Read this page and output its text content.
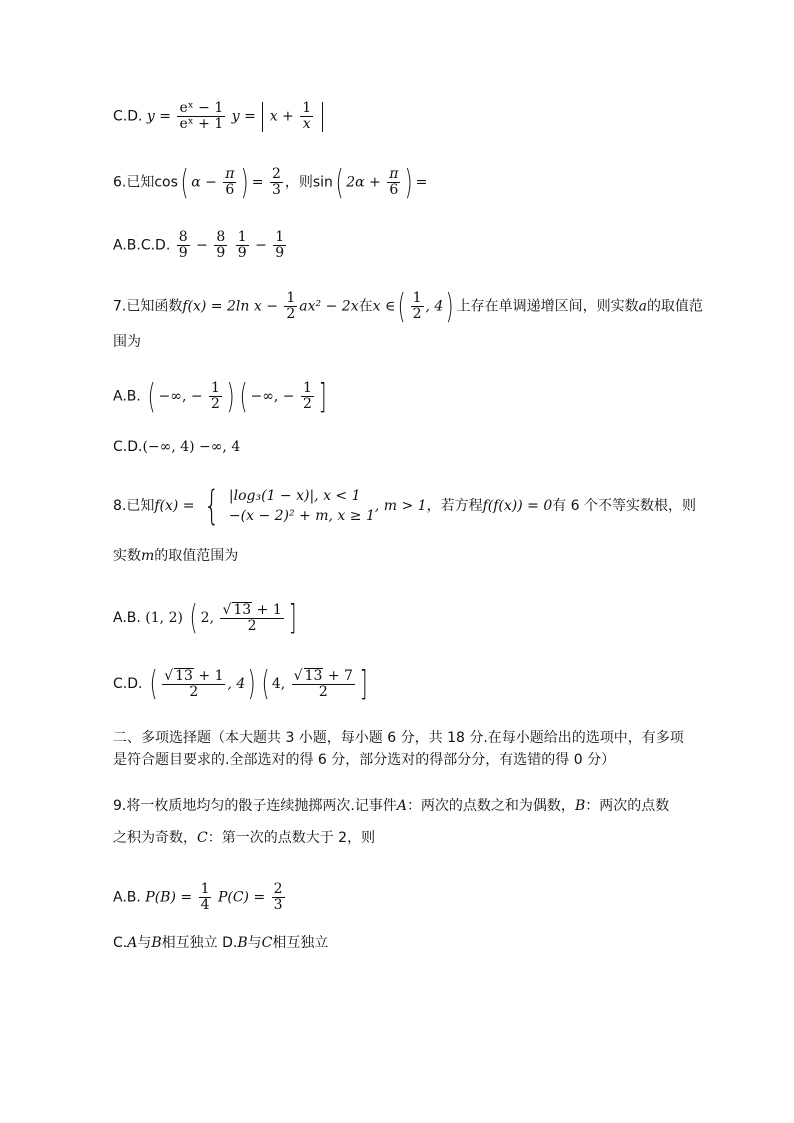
C.D. $y = \frac{\text{eˣ − 1}}{\text{eˣ + 1}}$ $y = x + \frac{1}{x}$

6.已知cos( $\alpha - \frac{\pi}{6}$ ) = $\frac{2}{3}$ ，则sin( $2\alpha + \frac{\pi}{6}$ ) =
A.B.C.D. $\frac{8}{9} - \frac{8}{9}$
$\frac{1}{9} - \frac{1}{9}$
7.已知函数f(x) = 2ln $x - \frac{1}{2} ax^2 - 2x$在x ∈( $\frac{1}{2}$ , 4) 上存在单调递增区间，则实数a的取值范
围为
A.B. ( −∞, − $\frac{1}{2}$ ) ( −∞, − $\frac{1}{2}$ ]
C.D.(−∞, 4) −∞, 4
8.已知f(x) = { |log₃(1 − x)|, x < 1
−(x − 2)² + m, x ≥ 1
, m > 1，若方程f(f(x)) = 0有 6 个不等实数根，则
实数m的取值范围为
A.B. (1, 2) ( 2, $\frac{√ 13 + 1}{2}$ ]
C.D. ( $\frac{√ 13 + 1}{2}$ , 4) ( 4, $\frac{√ 13 + 7}{2}$ ]
二、多项选择题（本大题共 3 小题，每小题 6 分，共 18 分.在每小题给出的选项中，有多项是符合题目要求的.全部选对的得 6 分，部分选对的得部分分，有选错的得 0 分）
9.将一枚质地均匀的骰子连续抛掷两次.记事件A：两次的点数之和为偶数，B：两次的点数
之积为奇数，C：第一次的点数大于 2，则
A.B. $P(B) = \frac{1}{4} P(C) = \frac{2}{3}$
C.A与B相互独立 D.B与C相互独立
